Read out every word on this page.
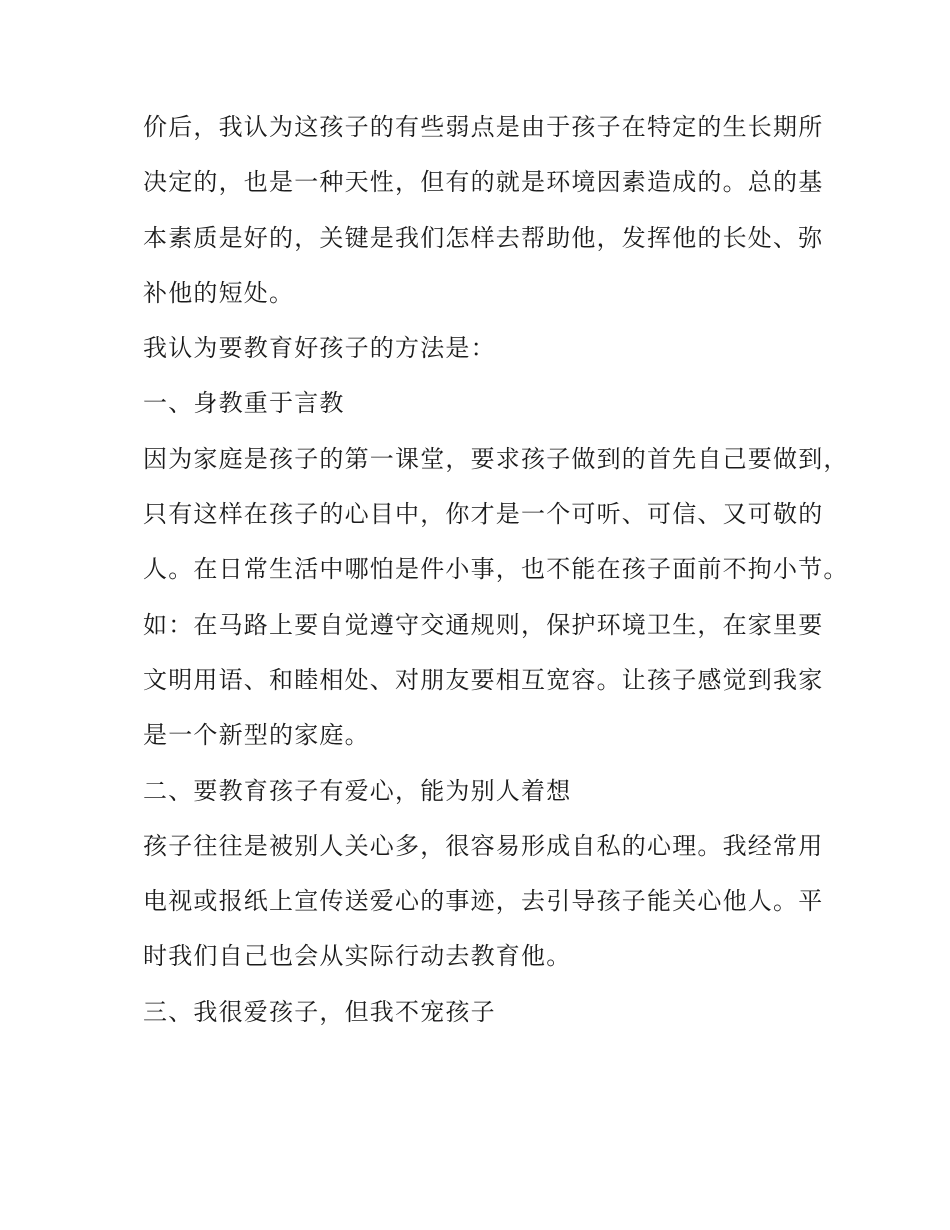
价后，我认为这孩子的有些弱点是由于孩子在特定的生长期所
决定的，也是一种天性，但有的就是环境因素造成的。总的基
本素质是好的，关键是我们怎样去帮助他，发挥他的长处、弥
补他的短处。
我认为要教育好孩子的方法是：
一、身教重于言教
因为家庭是孩子的第一课堂，要求孩子做到的首先自己要做到，
只有这样在孩子的心目中，你才是一个可听、可信、又可敬的
人。在日常生活中哪怕是件小事，也不能在孩子面前不拘小节。
如：在马路上要自觉遵守交通规则，保护环境卫生，在家里要
文明用语、和睦相处、对朋友要相互宽容。让孩子感觉到我家
是一个新型的家庭。
二、要教育孩子有爱心，能为别人着想
孩子往往是被别人关心多，很容易形成自私的心理。我经常用
电视或报纸上宣传送爱心的事迹，去引导孩子能关心他人。平
时我们自己也会从实际行动去教育他。
三、我很爱孩子，但我不宠孩子
